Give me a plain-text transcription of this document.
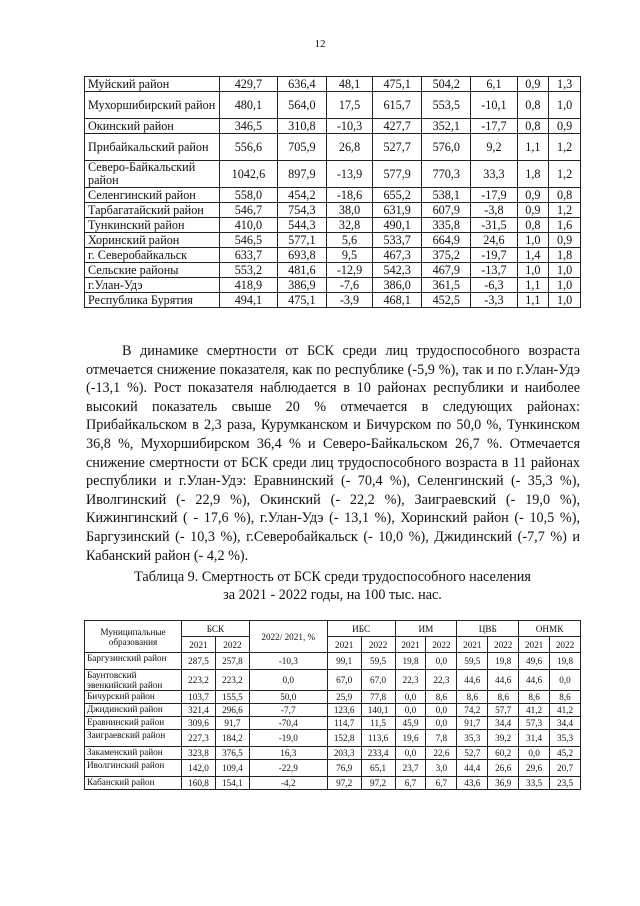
12
Муйский район	429,7	636,4	48,1	475,1	504,2	6,1	0,9	1,3
Мухоршибирский район	480,1	564,0	17,5	615,7	553,5	-10,1	0,8	1,0
Окинский район	346,5	310,8	-10,3	427,7	352,1	-17,7	0,8	0,9
Прибайкальский район	556,6	705,9	26,8	527,7	576,0	9,2	1,1	1,2
Северо-Байкальский район	1042,6	897,9	-13,9	577,9	770,3	33,3	1,8	1,2
Селенгинский район	558,0	454,2	-18,6	655,2	538,1	-17,9	0,9	0,8
Тарбагатайский район	546,7	754,3	38,0	631,9	607,9	-3,8	0,9	1,2
Тункинский район	410,0	544,3	32,8	490,1	335,8	-31,5	0,8	1,6
Хоринский район	546,5	577,1	5,6	533,7	664,9	24,6	1,0	0,9
г. Северобайкальск	633,7	693,8	9,5	467,3	375,2	-19,7	1,4	1,8
Сельские районы	553,2	481,6	-12,9	542,3	467,9	-13,7	1,0	1,0
г.Улан-Удэ	418,9	386,9	-7,6	386,0	361,5	-6,3	1,1	1,0
Республика Бурятия	494,1	475,1	-3,9	468,1	452,5	-3,3	1,1	1,0

В динамике смертности от БСК среди лиц трудоспособного возраста отмечается снижение показателя, как по республике (-5,9 %), так и по г.Улан-Удэ (-13,1 %). Рост показателя наблюдается в 10 районах республики и наиболее высокий показатель свыше 20 % отмечается в следующих районах: Прибайкальском в 2,3 раза, Курумканском и Бичурском по 50,0 %, Тункинском 36,8 %, Мухоршибирском 36,4 % и Северо-Байкальском 26,7 %. Отмечается снижение смертности от БСК среди лиц трудоспособного возраста в 11 районах республики и г.Улан-Удэ: Еравнинский (- 70,4 %), Селенгинский (- 35,3 %), Иволгинский (- 22,9 %), Окинский (- 22,2 %), Заиграевский (- 19,0 %), Кижингинский ( - 17,6 %), г.Улан-Удэ (- 13,1 %), Хоринский район (- 10,5 %), Баргузинский (- 10,3 %), г.Северобайкальск (- 10,0 %), Джидинский (-7,7 %) и Кабанский район (- 4,2 %).

Таблица 9. Смертность от БСК среди трудоспособного населения
за 2021 - 2022 годы, на 100 тыс. нас.
Муниципальные образования	БСК		2022/ 2021, %	ИБС		ИМ		ЦВБ		ОНМК	
	2021	2022		2021	2022	2021	2022	2021	2022	2021	2022
Баргузинский район	287,5	257,8	-10,3	99,1	59,5	19,8	0,0	59,5	19,8	49,6	19,8
Баунтовский эвенкийский район	223,2	223,2	0,0	67,0	67,0	22,3	22,3	44,6	44,6	44,6	0,0
Бичурский район	103,7	155,5	50,0	25,9	77,8	0,0	8,6	8,6	8,6	8,6	8,6
Джидинский район	321,4	296,6	-7,7	123,6	140,1	0,0	0,0	74,2	57,7	41,2	41,2
Еравнинский район	309,6	91,7	-70,4	114,7	11,5	45,9	0,0	91,7	34,4	57,3	34,4
Заиграевский район	227,3	184,2	-19,0	152,8	113,6	19,6	7,8	35,3	39,2	31,4	35,3
Закаменский район	323,8	376,5	16,3	203,3	233,4	0,0	22,6	52,7	60,2	0,0	45,2
Иволгинский район	142,0	109,4	-22,9	76,9	65,1	23,7	3,0	44,4	26,6	29,6	20,7
Кабанский район	160,8	154,1	-4,2	97,2	97,2	6,7	6,7	43,6	36,9	33,5	23,5
